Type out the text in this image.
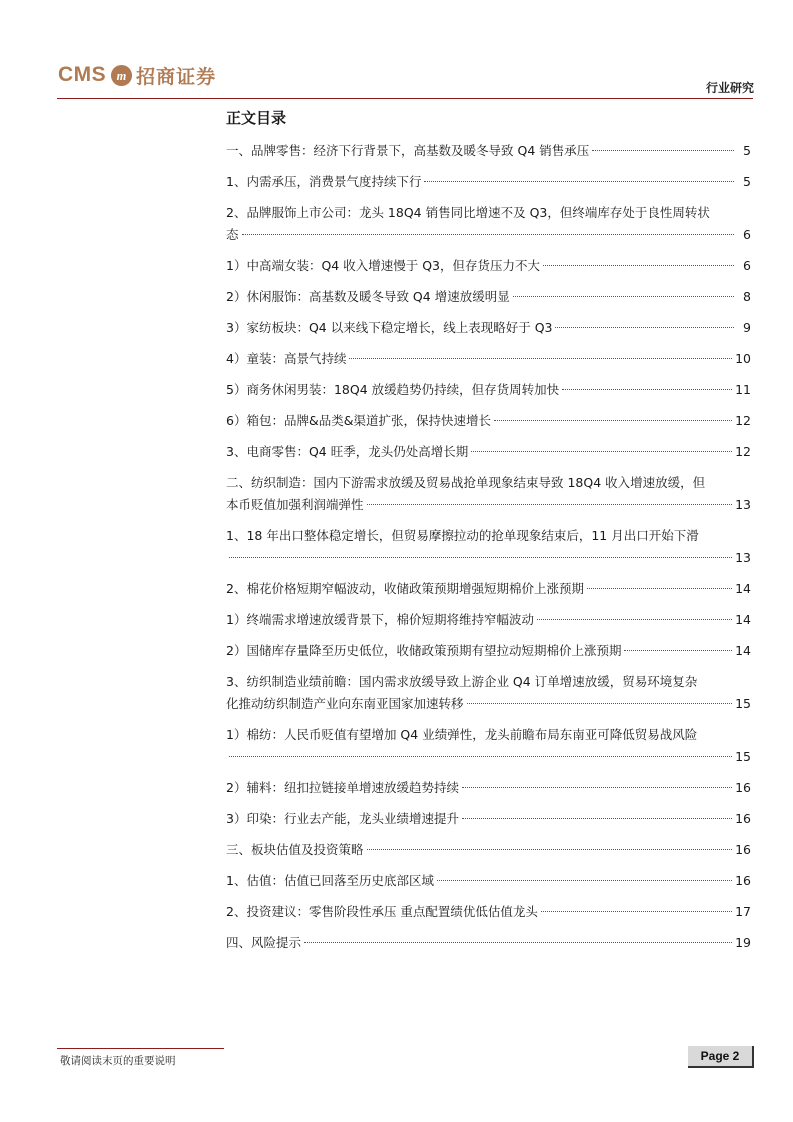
CMS m 招商证券
行业研究
正文目录
一、品牌零售：经济下行背景下，高基数及暖冬导致 Q4 销售承压	5
1、内需承压，消费景气度持续下行	5
2、品牌服饰上市公司：龙头 18Q4 销售同比增速不及 Q3，但终端库存处于良性周转状
态	6
1）中高端女装：Q4 收入增速慢于 Q3，但存货压力不大	6
2）休闲服饰：高基数及暖冬导致 Q4 增速放缓明显	8
3）家纺板块：Q4 以来线下稳定增长，线上表现略好于 Q3	9
4）童装：高景气持续	10
5）商务休闲男装：18Q4 放缓趋势仍持续，但存货周转加快	11
6）箱包：品牌&品类&渠道扩张，保持快速增长	12
3、电商零售：Q4 旺季，龙头仍处高增长期	12
二、纺织制造：国内下游需求放缓及贸易战抢单现象结束导致 18Q4 收入增速放缓，但
本币贬值加强利润端弹性	13
1、18 年出口整体稳定增长，但贸易摩擦拉动的抢单现象结束后，11 月出口开始下滑
13
2、棉花价格短期窄幅波动，收储政策预期增强短期棉价上涨预期	14
1）终端需求增速放缓背景下，棉价短期将维持窄幅波动	14
2）国储库存量降至历史低位，收储政策预期有望拉动短期棉价上涨预期	14
3、纺织制造业绩前瞻：国内需求放缓导致上游企业 Q4 订单增速放缓，贸易环境复杂
化推动纺织制造产业向东南亚国家加速转移	15
1）棉纺：人民币贬值有望增加 Q4 业绩弹性，龙头前瞻布局东南亚可降低贸易战风险
15
2）辅料：纽扣拉链接单增速放缓趋势持续	16
3）印染：行业去产能，龙头业绩增速提升	16
三、板块估值及投资策略	16
1、估值：估值已回落至历史底部区域	16
2、投资建议：零售阶段性承压 重点配置绩优低估值龙头	17
四、风险提示	19
敬请阅读末页的重要说明	Page 2
